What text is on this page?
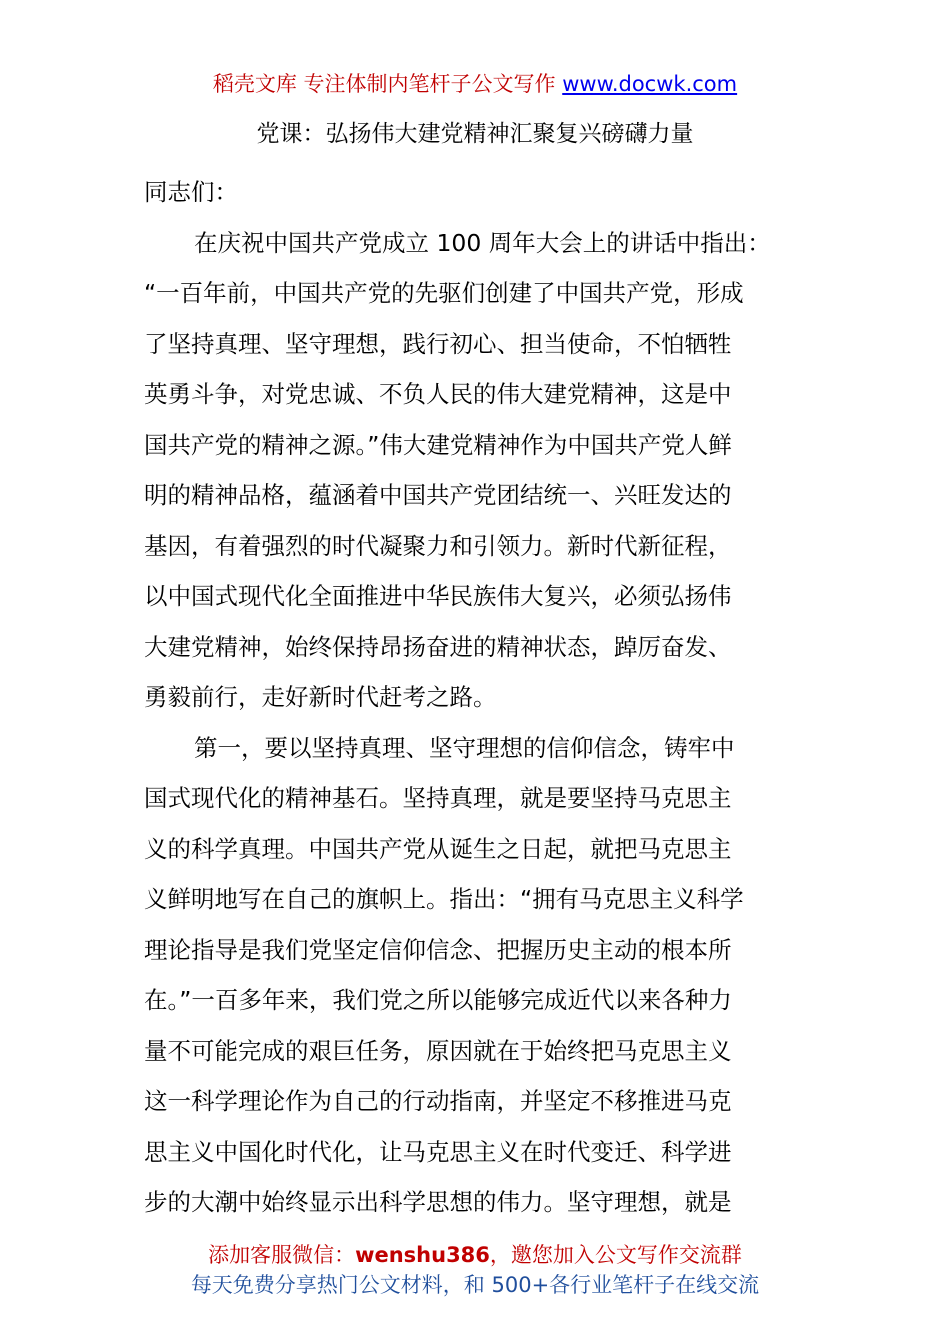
稻壳文库 专注体制内笔杆子公文写作 www.docwk.com
党课：弘扬伟大建党精神汇聚复兴磅礴力量
同志们：
在庆祝中国共产党成立 100 周年大会上的讲话中指出：
“一百年前，中国共产党的先驱们创建了中国共产党，形成
了坚持真理、坚守理想，践行初心、担当使命，不怕牺牲
英勇斗争，对党忠诚、不负人民的伟大建党精神，这是中
国共产党的精神之源。”伟大建党精神作为中国共产党人鲜
明的精神品格，蕴涵着中国共产党团结统一、兴旺发达的
基因，有着强烈的时代凝聚力和引领力。新时代新征程，
以中国式现代化全面推进中华民族伟大复兴，必须弘扬伟
大建党精神，始终保持昂扬奋进的精神状态，踔厉奋发、
勇毅前行，走好新时代赶考之路。
第一，要以坚持真理、坚守理想的信仰信念，铸牢中
国式现代化的精神基石。坚持真理，就是要坚持马克思主
义的科学真理。中国共产党从诞生之日起，就把马克思主
义鲜明地写在自己的旗帜上。指出：“拥有马克思主义科学
理论指导是我们党坚定信仰信念、把握历史主动的根本所
在。”一百多年来，我们党之所以能够完成近代以来各种力
量不可能完成的艰巨任务，原因就在于始终把马克思主义
这一科学理论作为自己的行动指南，并坚定不移推进马克
思主义中国化时代化，让马克思主义在时代变迁、科学进
步的大潮中始终显示出科学思想的伟力。坚守理想，就是
添加客服微信：wenshu386，邀您加入公文写作交流群
每天免费分享热门公文材料，和 500+各行业笔杆子在线交流
